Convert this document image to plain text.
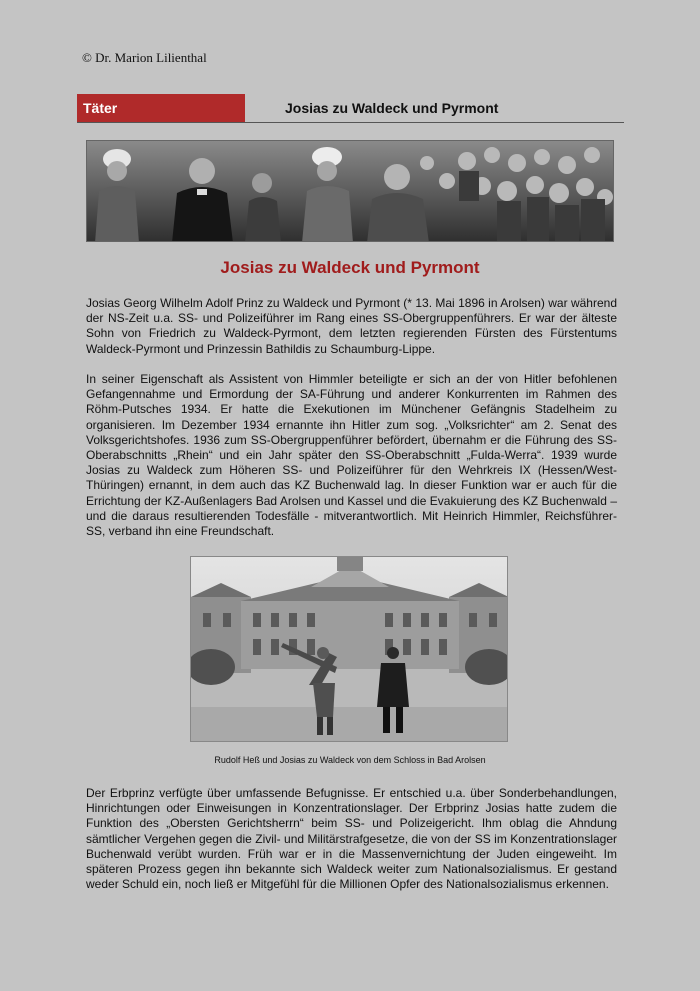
© Dr. Marion Lilienthal
Täter	Josias zu Waldeck und Pyrmont
Josias zu Waldeck und Pyrmont

Josias Georg Wilhelm Adolf Prinz zu Waldeck und Pyrmont (* 13. Mai 1896 in Arolsen) war während der NS-Zeit u.a. SS- und Polizeiführer im Rang eines SS-Obergruppenführers. Er war der älteste Sohn von Friedrich zu Waldeck-Pyrmont, dem letzten regierenden Fürsten des Fürstentums Waldeck-Pyrmont und Prinzessin Bathildis zu Schaumburg-Lippe.

In seiner Eigenschaft als Assistent von Himmler beteiligte er sich an der von Hitler befohlenen Gefangennahme und Ermordung der SA-Führung und anderer Konkurrenten im Rahmen des Röhm-Putsches 1934. Er hatte die Exekutionen im Münchener Gefängnis Stadelheim zu organisieren. Im Dezember 1934 ernannte ihn Hitler zum sog. „Volksrichter“ am 2. Senat des Volksgerichtshofes. 1936 zum SS-Obergruppenführer befördert, übernahm er die Führung des SS-Oberabschnitts „Rhein“ und ein Jahr später den SS-Oberabschnitt „Fulda-Werra“. 1939 wurde Josias zu Waldeck zum Höheren SS- und Polizeiführer für den Wehrkreis IX (Hessen/West-Thüringen) ernannt, in dem auch das KZ Buchenwald lag. In dieser Funktion war er auch für die Errichtung der KZ-Außenlagers Bad Arolsen und Kassel und die Evakuierung des KZ Buchenwald – und die daraus resultierenden Todesfälle - mitverantwortlich. Mit Heinrich Himmler, Reichsführer-SS, verband ihn eine Freundschaft.

Rudolf Heß und Josias zu Waldeck von dem Schloss in Bad Arolsen

Der Erbprinz verfügte über umfassende Befugnisse. Er entschied u.a. über Sonderbehandlungen, Hinrichtungen oder Einweisungen in Konzentrationslager. Der Erbprinz Josias hatte zudem die Funktion des „Obersten Gerichtsherrn“ beim SS- und Polizeigericht. Ihm oblag die Ahndung sämtlicher Vergehen gegen die Zivil- und Militärstrafgesetze, die von der SS im Konzentrationslager Buchenwald verübt wurden. Früh war er in die Massenvernichtung der Juden eingeweiht. Im späteren Prozess gegen ihn bekannte sich Waldeck weiter zum Nationalsozialismus. Er gestand weder Schuld ein, noch ließ er Mitgefühl für die Millionen Opfer des Nationalsozialismus erkennen.
